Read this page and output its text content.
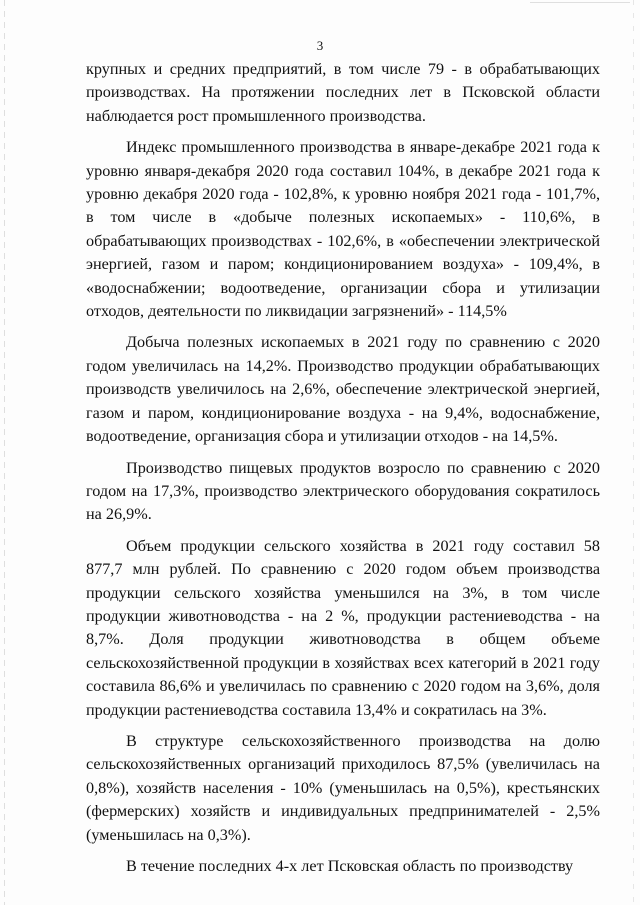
3

крупных и средних предприятий, в том числе 79 - в обрабатывающих производствах. На протяжении последних лет в Псковской области наблюдается рост промышленного производства.

Индекс промышленного производства в январе-декабре 2021 года к уровню января-декабря 2020 года составил 104%, в декабре 2021 года к уровню декабря 2020 года - 102,8%, к уровню ноября 2021 года - 101,7%, в том числе в «добыче полезных ископаемых» - 110,6%, в обрабатывающих производствах - 102,6%, в «обеспечении электрической энергией, газом и паром; кондиционированием воздуха» - 109,4%, в «водоснабжении; водоотведение, организации сбора и утилизации отходов, деятельности по ликвидации загрязнений» - 114,5%

Добыча полезных ископаемых в 2021 году по сравнению с 2020 годом увеличилась на 14,2%. Производство продукции обрабатывающих производств увеличилось на 2,6%, обеспечение электрической энергией, газом и паром, кондиционирование воздуха - на 9,4%, водоснабжение, водоотведение, организация сбора и утилизации отходов - на 14,5%.

Производство пищевых продуктов возросло по сравнению с 2020 годом на 17,3%, производство электрического оборудования сократилось на 26,9%.

Объем продукции сельского хозяйства в 2021 году составил 58 877,7 млн рублей. По сравнению с 2020 годом объем производства продукции сельского хозяйства уменьшился на 3%, в том числе продукции животноводства - на 2 %, продукции растениеводства - на 8,7%. Доля продукции животноводства в общем объеме сельскохозяйственной продукции в хозяйствах всех категорий в 2021 году составила 86,6% и увеличилась по сравнению с 2020 годом на 3,6%, доля продукции растениеводства составила 13,4% и сократилась на 3%.

В структуре сельскохозяйственного производства на долю сельскохозяйственных организаций приходилось 87,5% (увеличилась на 0,8%), хозяйств населения - 10% (уменьшилась на 0,5%), крестьянских (фермерских) хозяйств и индивидуальных предпринимателей - 2,5% (уменьшилась на 0,3%).

В течение последних 4-х лет Псковская область по производству
